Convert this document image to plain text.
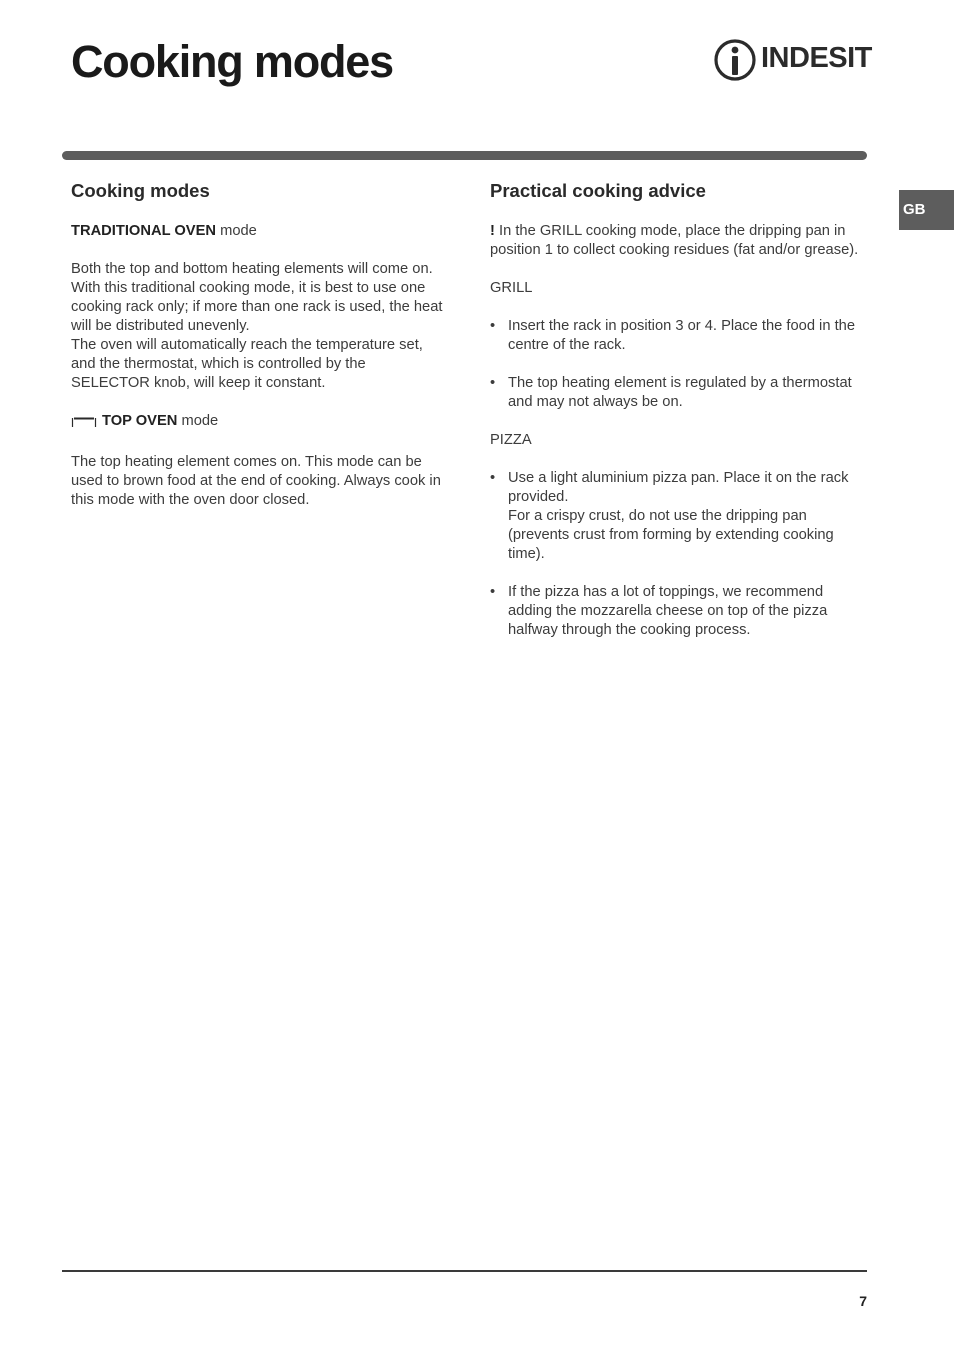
Cooking modes	INDESIT
GB
Cooking modes

TRADITIONAL OVEN mode

Both the top and bottom heating elements will come on. With this traditional cooking mode, it is best to use one cooking rack only; if more than one rack is used, the heat will be distributed unevenly.

The oven will automatically reach the temperature set, and the thermostat, which is controlled by the SELECTOR knob, will keep it constant.

TOP OVEN mode

The top heating element comes on. This mode can be used to brown food at the end of cooking. Always cook in this mode with the oven door closed.

Practical cooking advice

! In the GRILL cooking mode, place the dripping pan in position 1 to collect cooking residues (fat and/or grease).

GRILL

• Insert the rack in position 3 or 4. Place the food in the centre of the rack.
• The top heating element is regulated by a thermostat and may not always be on.

PIZZA

• Use a light aluminium pizza pan. Place it on the rack provided.
For a crispy crust, do not use the dripping pan (prevents crust from forming by extending cooking time).
• If the pizza has a lot of toppings, we recommend adding the mozzarella cheese on top of the pizza halfway through the cooking process.
7
